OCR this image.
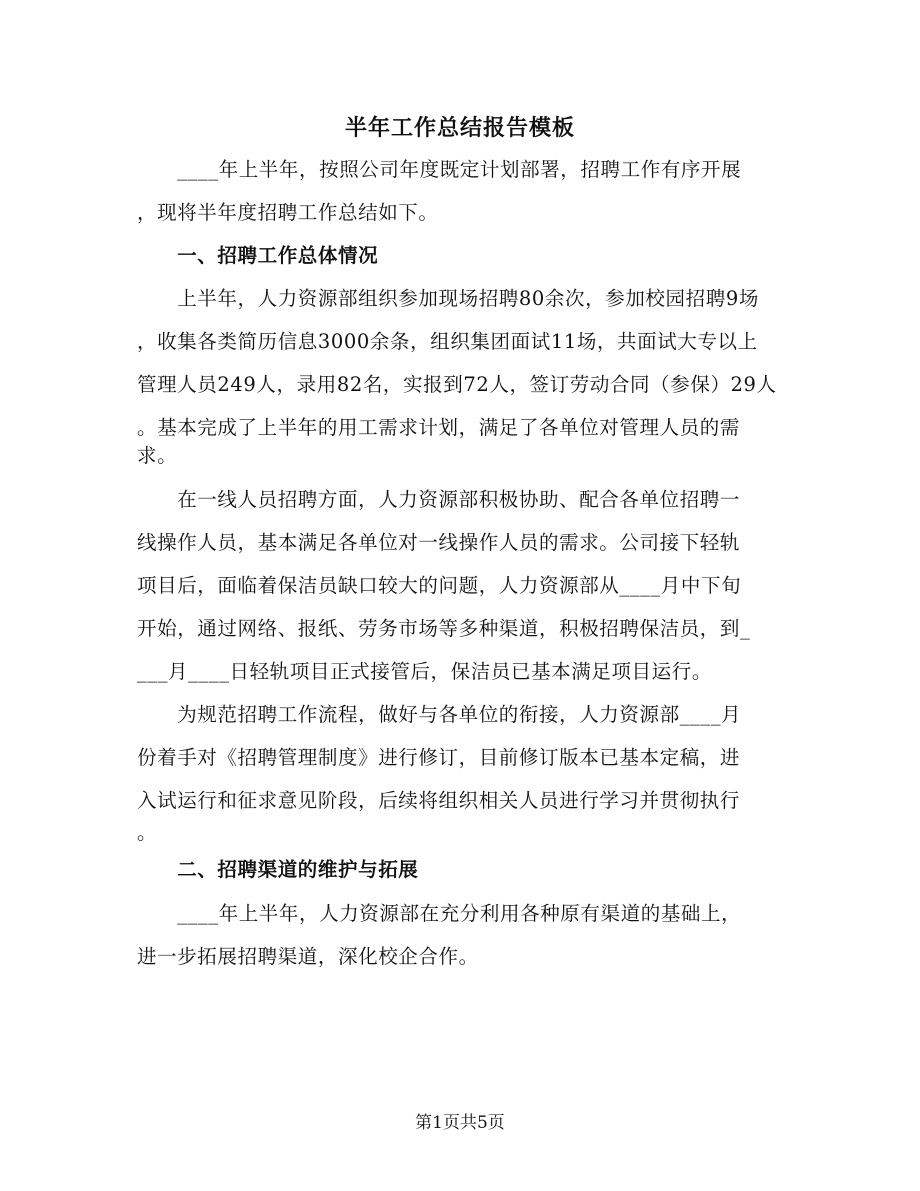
半年工作总结报告模板
　　____年上半年，按照公司年度既定计划部署，招聘工作有序开展
，现将半年度招聘工作总结如下。
　　一、招聘工作总体情况
　　上半年，人力资源部组织参加现场招聘80余次，参加校园招聘9场
，收集各类简历信息3000余条，组织集团面试11场，共面试大专以上
管理人员249人，录用82名，实报到72人，签订劳动合同（参保）29人
。基本完成了上半年的用工需求计划，满足了各单位对管理人员的需
求。
　　在一线人员招聘方面，人力资源部积极协助、配合各单位招聘一
线操作人员，基本满足各单位对一线操作人员的需求。公司接下轻轨
项目后，面临着保洁员缺口较大的问题，人力资源部从____月中下旬
开始，通过网络、报纸、劳务市场等多种渠道，积极招聘保洁员，到_
___月____日轻轨项目正式接管后，保洁员已基本满足项目运行。
　　为规范招聘工作流程，做好与各单位的衔接，人力资源部____月
份着手对《招聘管理制度》进行修订，目前修订版本已基本定稿，进
入试运行和征求意见阶段，后续将组织相关人员进行学习并贯彻执行
。
　　二、招聘渠道的维护与拓展
　　____年上半年，人力资源部在充分利用各种原有渠道的基础上，
进一步拓展招聘渠道，深化校企合作。
第1页共5页
